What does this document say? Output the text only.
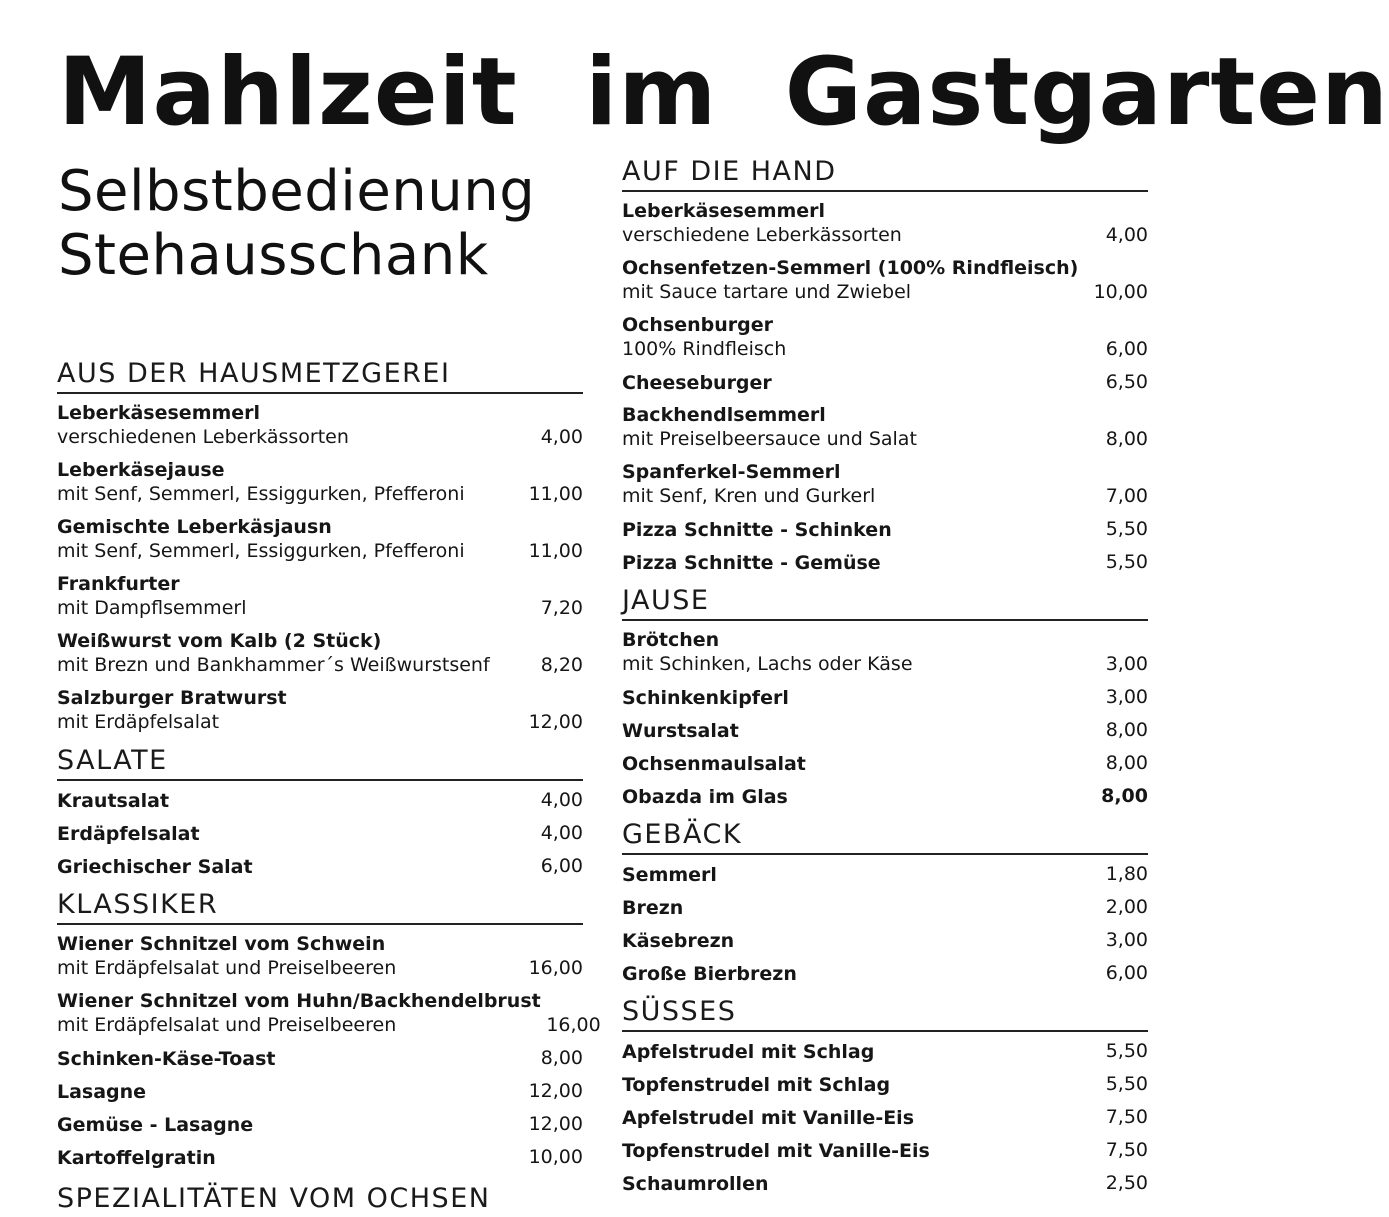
Mahlzeit  im  Gastgarten
Selbstbedienung
Stehausschank
AUS DER HAUSMETZGEREI
Leberkäsesemmerl
verschiedenen Leberkässorten	4,00
Leberkäsejause
mit Senf, Semmerl, Essiggurken, Pfefferoni	11,00
Gemischte Leberkäsjausn
mit Senf, Semmerl, Essiggurken, Pfefferoni	11,00
Frankfurter
mit Dampflsemmerl	7,20
Weißwurst vom Kalb (2 Stück)
mit Brezn und Bankhammer´s Weißwurstsenf	8,20
Salzburger Bratwurst
mit Erdäpfelsalat	12,00
SALATE
Krautsalat	4,00
Erdäpfelsalat	4,00
Griechischer Salat	6,00
KLASSIKER
Wiener Schnitzel vom Schwein
mit Erdäpfelsalat und Preiselbeeren	16,00
Wiener Schnitzel vom Huhn/Backhendelbrust
mit Erdäpfelsalat und Preiselbeeren	16,00
Schinken-Käse-Toast	8,00
Lasagne	12,00
Gemüse - Lasagne	12,00
Kartoffelgratin	10,00
AUF DIE HAND
Leberkäsesemmerl
verschiedene Leberkässorten	4,00
Ochsenfetzen-Semmerl (100% Rindfleisch)
mit Sauce tartare und Zwiebel	10,00
Ochsenburger
100% Rindfleisch	6,00
Cheeseburger	6,50
Backhendlsemmerl
mit Preiselbeersauce und Salat	8,00
Spanferkel-Semmerl
mit Senf, Kren und Gurkerl	7,00
Pizza Schnitte - Schinken	5,50
Pizza Schnitte - Gemüse	5,50
JAUSE
Brötchen
mit Schinken, Lachs oder Käse	3,00
Schinkenkipferl	3,00
Wurstsalat	8,00
Ochsenmaulsalat	8,00
Obazda im Glas	8,00
GEBÄCK
Semmerl	1,80
Brezn	2,00
Käsebrezn	3,00
Große Bierbrezn	6,00
SÜSSES
Apfelstrudel mit Schlag	5,50
Topfenstrudel mit Schlag	5,50
Apfelstrudel mit Vanille-Eis	7,50
Topfenstrudel mit Vanille-Eis	7,50
Schaumrollen	2,50
SPEZIALITÄTEN VOM OCHSEN
